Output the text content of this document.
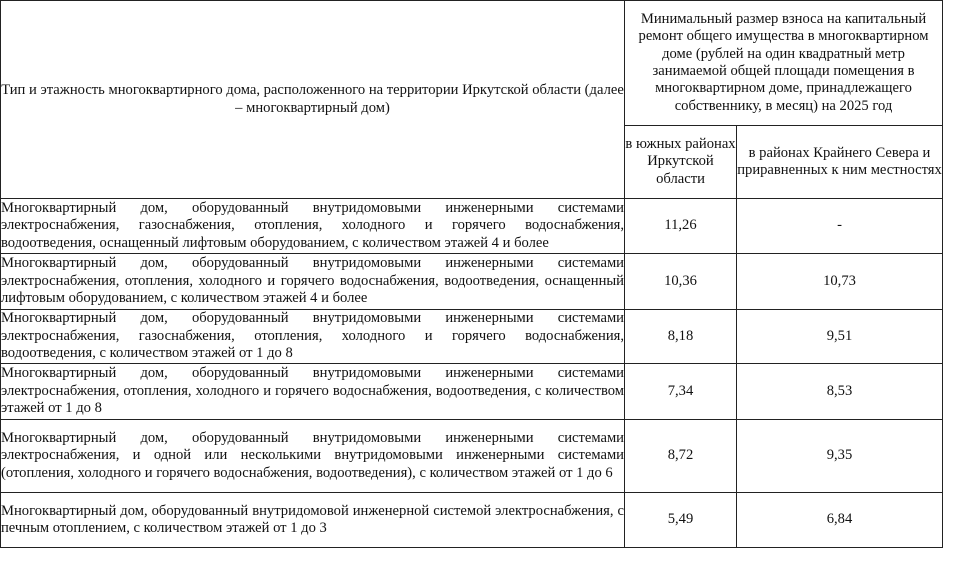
Тип и этажность многоквартирного дома, расположенного на территории Иркутской области (далее – многоквартирный дом)	Минимальный размер взноса на капитальный ремонт общего имущества в многоквартирном доме (рублей на один квадратный метр занимаемой общей площади помещения в многоквартирном доме, принадлежащего собственнику, в месяц) на 2025 год	
	в южных районах Иркутской области	в районах Крайнего Севера и приравненных к ним местностях
Многоквартирный дом, оборудованный внутридомовыми инженерными системами электроснабжения, газоснабжения, отопления, холодного и горячего водоснабжения, водоотведения, оснащенный лифтовым оборудованием, с количеством этажей 4 и более	11,26	-
Многоквартирный дом, оборудованный внутридомовыми инженерными системами электроснабжения, отопления, холодного и горячего водоснабжения, водоотведения, оснащенный лифтовым оборудованием, с количеством этажей 4 и более	10,36	10,73
Многоквартирный дом, оборудованный внутридомовыми инженерными системами электроснабжения, газоснабжения, отопления, холодного и горячего водоснабжения, водоотведения, с количеством этажей от 1 до 8	8,18	9,51
Многоквартирный дом, оборудованный внутридомовыми инженерными системами электроснабжения, отопления, холодного и горячего водоснабжения, водоотведения, с количеством этажей от 1 до 8	7,34	8,53
Многоквартирный дом, оборудованный внутридомовыми инженерными системами электроснабжения, и одной или несколькими внутридомовыми инженерными системами (отопления, холодного и горячего водоснабжения, водоотведения), с количеством этажей от 1 до 6	8,72	9,35
Многоквартирный дом, оборудованный внутридомовой инженерной системой электроснабжения, с печным отоплением, с количеством этажей от 1 до 3	5,49	6,84
